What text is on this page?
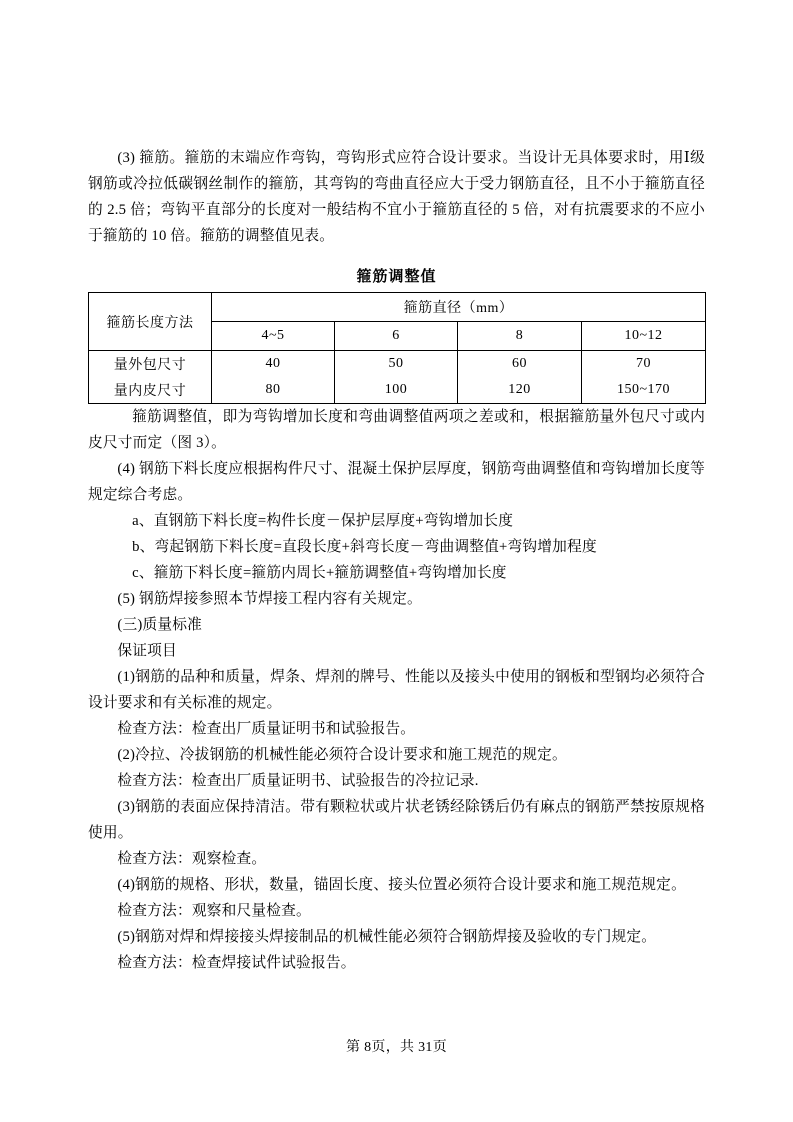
(3) 箍筋。箍筋的末端应作弯钩，弯钩形式应符合设计要求。当设计无具体要求时，用Ⅰ级钢筋或冷拉低碳钢丝制作的箍筋，其弯钩的弯曲直径应大于受力钢筋直径，且不小于箍筋直径的 2.5 倍；弯钩平直部分的长度对一般结构不宜小于箍筋直径的 5 倍，对有抗震要求的不应小于箍筋的 10 倍。箍筋的调整值见表。

箍筋调整值
箍筋长度方法	箍筋直径（mm）			
	4~5	6	8	10~12
量外包尺寸	40	50	60	70
量内皮尺寸	80	100	120	150~170

箍筋调整值，即为弯钩增加长度和弯曲调整值两项之差或和，根据箍筋量外包尺寸或内皮尺寸而定（图 3）。

(4) 钢筋下料长度应根据构件尺寸、混凝土保护层厚度，钢筋弯曲调整值和弯钩增加长度等规定综合考虑。

a、直钢筋下料长度=构件长度－保护层厚度+弯钩增加长度

b、弯起钢筋下料长度=直段长度+斜弯长度－弯曲调整值+弯钩增加程度

c、箍筋下料长度=箍筋内周长+箍筋调整值+弯钩增加长度

(5) 钢筋焊接参照本节焊接工程内容有关规定。

(三)质量标准

保证项目

(1)钢筋的品种和质量，焊条、焊剂的牌号、性能以及接头中使用的钢板和型钢均必须符合设计要求和有关标准的规定。

检查方法：检查出厂质量证明书和试验报告。

(2)冷拉、冷拔钢筋的机械性能必须符合设计要求和施工规范的规定。

检查方法：检查出厂质量证明书、试验报告的冷拉记录.

(3)钢筋的表面应保持清洁。带有颗粒状或片状老锈经除锈后仍有麻点的钢筋严禁按原规格使用。

检查方法：观察检查。

(4)钢筋的规格、形状，数量，锚固长度、接头位置必须符合设计要求和施工规范规定。

检查方法：观察和尺量检查。

(5)钢筋对焊和焊接接头焊接制品的机械性能必须符合钢筋焊接及验收的专门规定。

检查方法：检查焊接试件试验报告。

第 8页，共 31页
